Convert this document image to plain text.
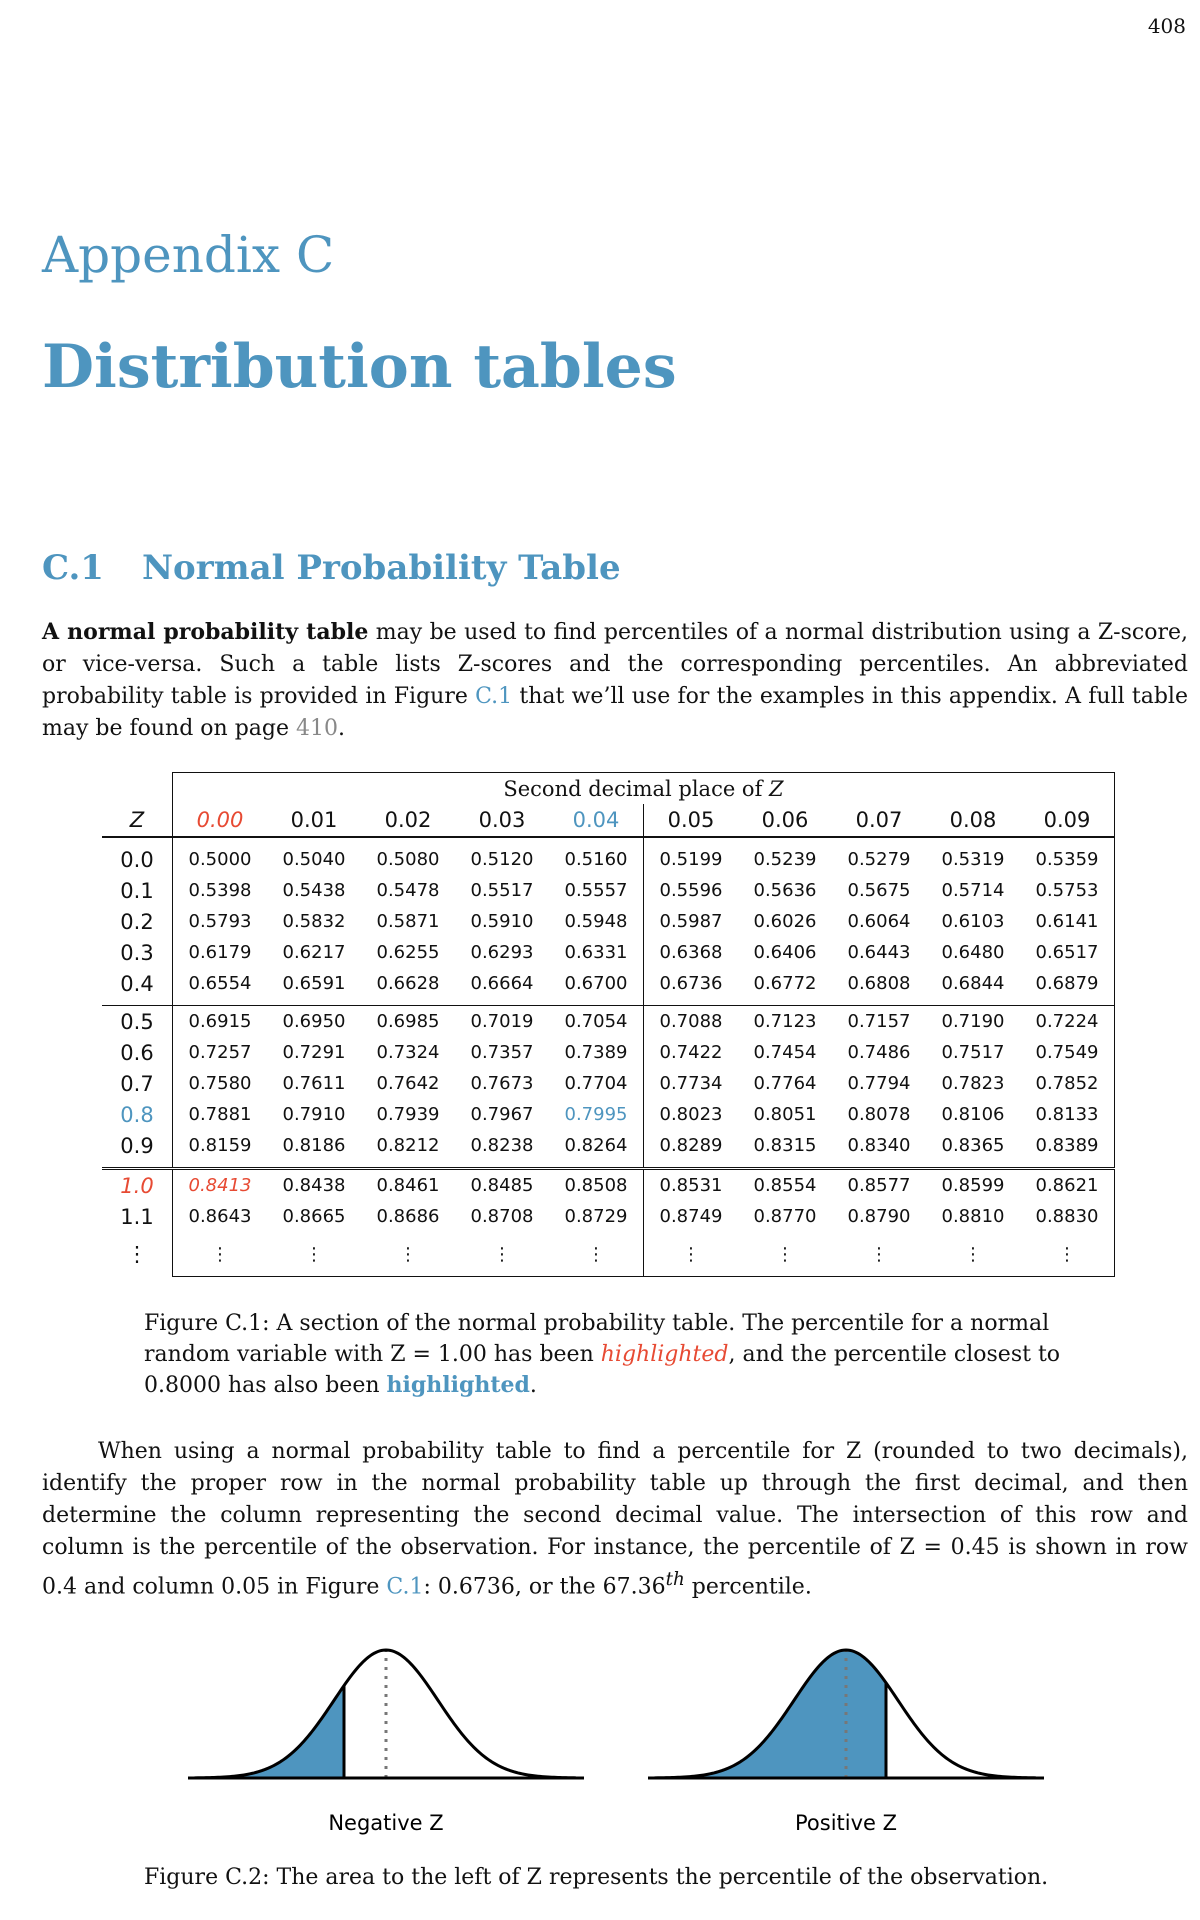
408
Appendix C
Distribution tables
C.1 Normal Probability Table
A normal probability table may be used to find percentiles of a normal distribution using a Z-score, or vice-versa. Such a table lists Z-scores and the corresponding percentiles. An abbreviated probability table is provided in Figure C.1 that we’ll use for the examples in this appendix. A full table may be found on page 410.
	Second decimal place of Z									
Z	0.00	0.01	0.02	0.03	0.04	0.05	0.06	0.07	0.08	0.09

0.0	0.5000	0.5040	0.5080	0.5120	0.5160	0.5199	0.5239	0.5279	0.5319	0.5359
0.1	0.5398	0.5438	0.5478	0.5517	0.5557	0.5596	0.5636	0.5675	0.5714	0.5753
0.2	0.5793	0.5832	0.5871	0.5910	0.5948	0.5987	0.6026	0.6064	0.6103	0.6141
0.3	0.6179	0.6217	0.6255	0.6293	0.6331	0.6368	0.6406	0.6443	0.6480	0.6517
0.4	0.6554	0.6591	0.6628	0.6664	0.6700	0.6736	0.6772	0.6808	0.6844	0.6879

0.5	0.6915	0.6950	0.6985	0.7019	0.7054	0.7088	0.7123	0.7157	0.7190	0.7224
0.6	0.7257	0.7291	0.7324	0.7357	0.7389	0.7422	0.7454	0.7486	0.7517	0.7549
0.7	0.7580	0.7611	0.7642	0.7673	0.7704	0.7734	0.7764	0.7794	0.7823	0.7852
0.8	0.7881	0.7910	0.7939	0.7967	0.7995	0.8023	0.8051	0.8078	0.8106	0.8133
0.9	0.8159	0.8186	0.8212	0.8238	0.8264	0.8289	0.8315	0.8340	0.8365	0.8389

1.0	0.8413	0.8438	0.8461	0.8485	0.8508	0.8531	0.8554	0.8577	0.8599	0.8621
1.1	0.8643	0.8665	0.8686	0.8708	0.8729	0.8749	0.8770	0.8790	0.8810	0.8830
⋮	⋮	⋮	⋮	⋮	⋮	⋮	⋮	⋮	⋮	⋮
Figure C.1: A section of the normal probability table. The percentile for a normal random variable with Z = 1.00 has been highlighted, and the percentile closest to 0.8000 has also been highlighted.
When using a normal probability table to find a percentile for Z (rounded to two decimals), identify the proper row in the normal probability table up through the first decimal, and then determine the column representing the second decimal value. The intersection of this row and column is the percentile of the observation. For instance, the percentile of Z = 0.45 is shown in row 0.4 and column 0.05 in Figure C.1: 0.6736, or the 67.36th percentile.
Negative Z	Positive Z
Figure C.2: The area to the left of Z represents the percentile of the observation.
